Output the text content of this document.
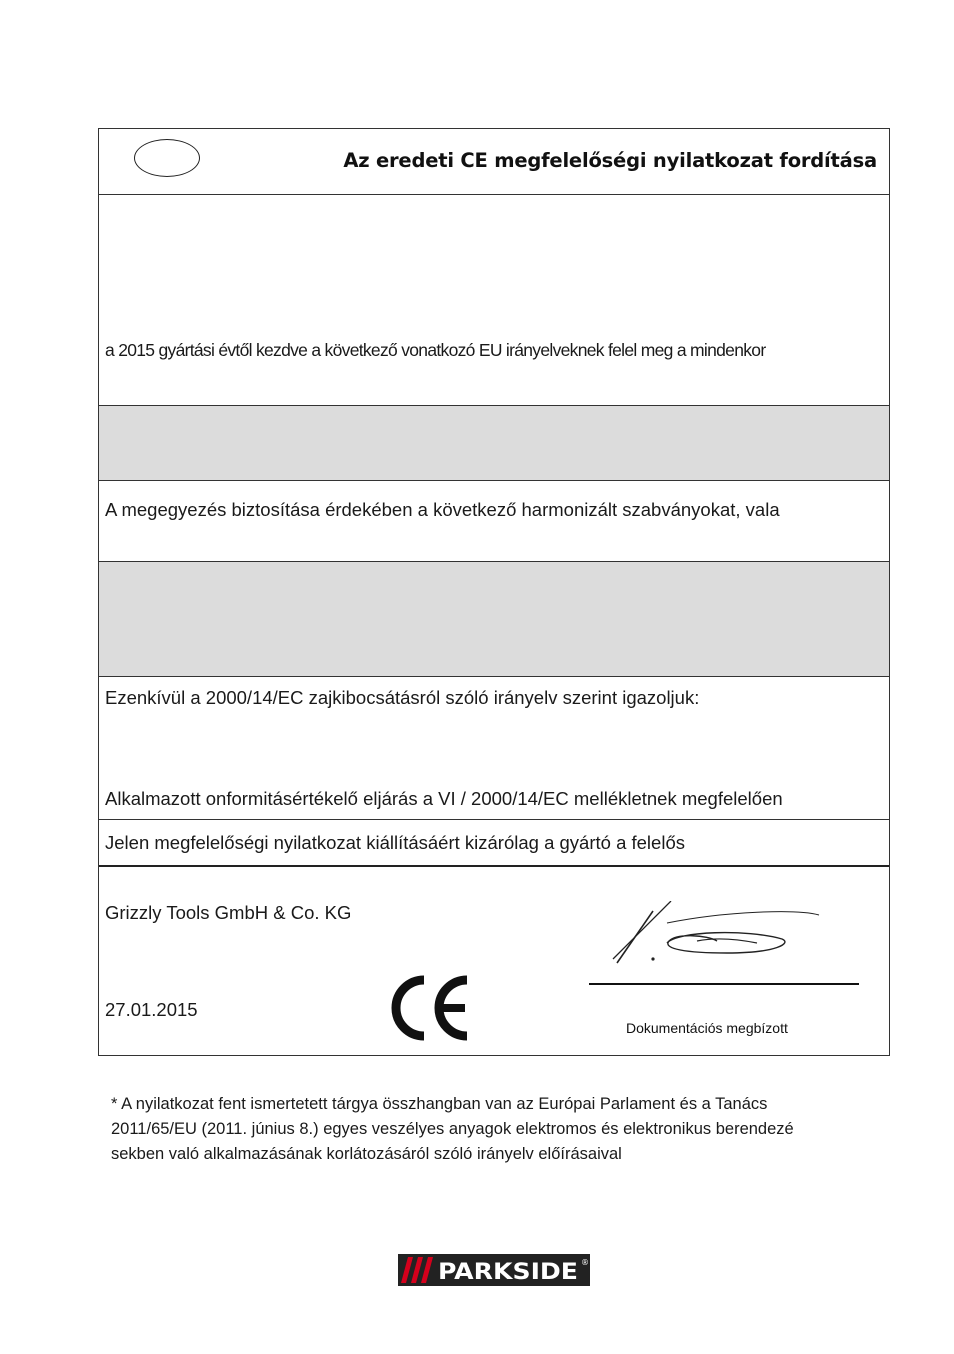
Az eredeti CE megfelelőségi nyilatkozat fordítása
a 2015 gyártási évtől kezdve a következő vonatkozó EU irányelveknek felel meg a mindenkor
A megegyezés biztosítása érdekében a következő harmonizált szabványokat, vala
Ezenkívül a 2000/14/EC zajkibocsátásról szóló irányelv szerint igazoljuk:
Alkalmazott onformitásértékelő eljárás a VI / 2000/14/EC mellékletnek megfelelően
Jelen megfelelőségi nyilatkozat kiállításáért kizárólag a gyártó a felelős
Grizzly Tools GmbH & Co. KG
27.01.2015
Dokumentációs megbízott
* A nyilatkozat fent ismertetett tárgya összhangban van az Európai Parlament és a Tanács
2011/65/EU (2011. június 8.) egyes veszélyes anyagok elektromos és elektronikus berendezé
sekben való alkalmazásának korlátozásáról szóló irányelv előírásaival
PARKSIDE ®
